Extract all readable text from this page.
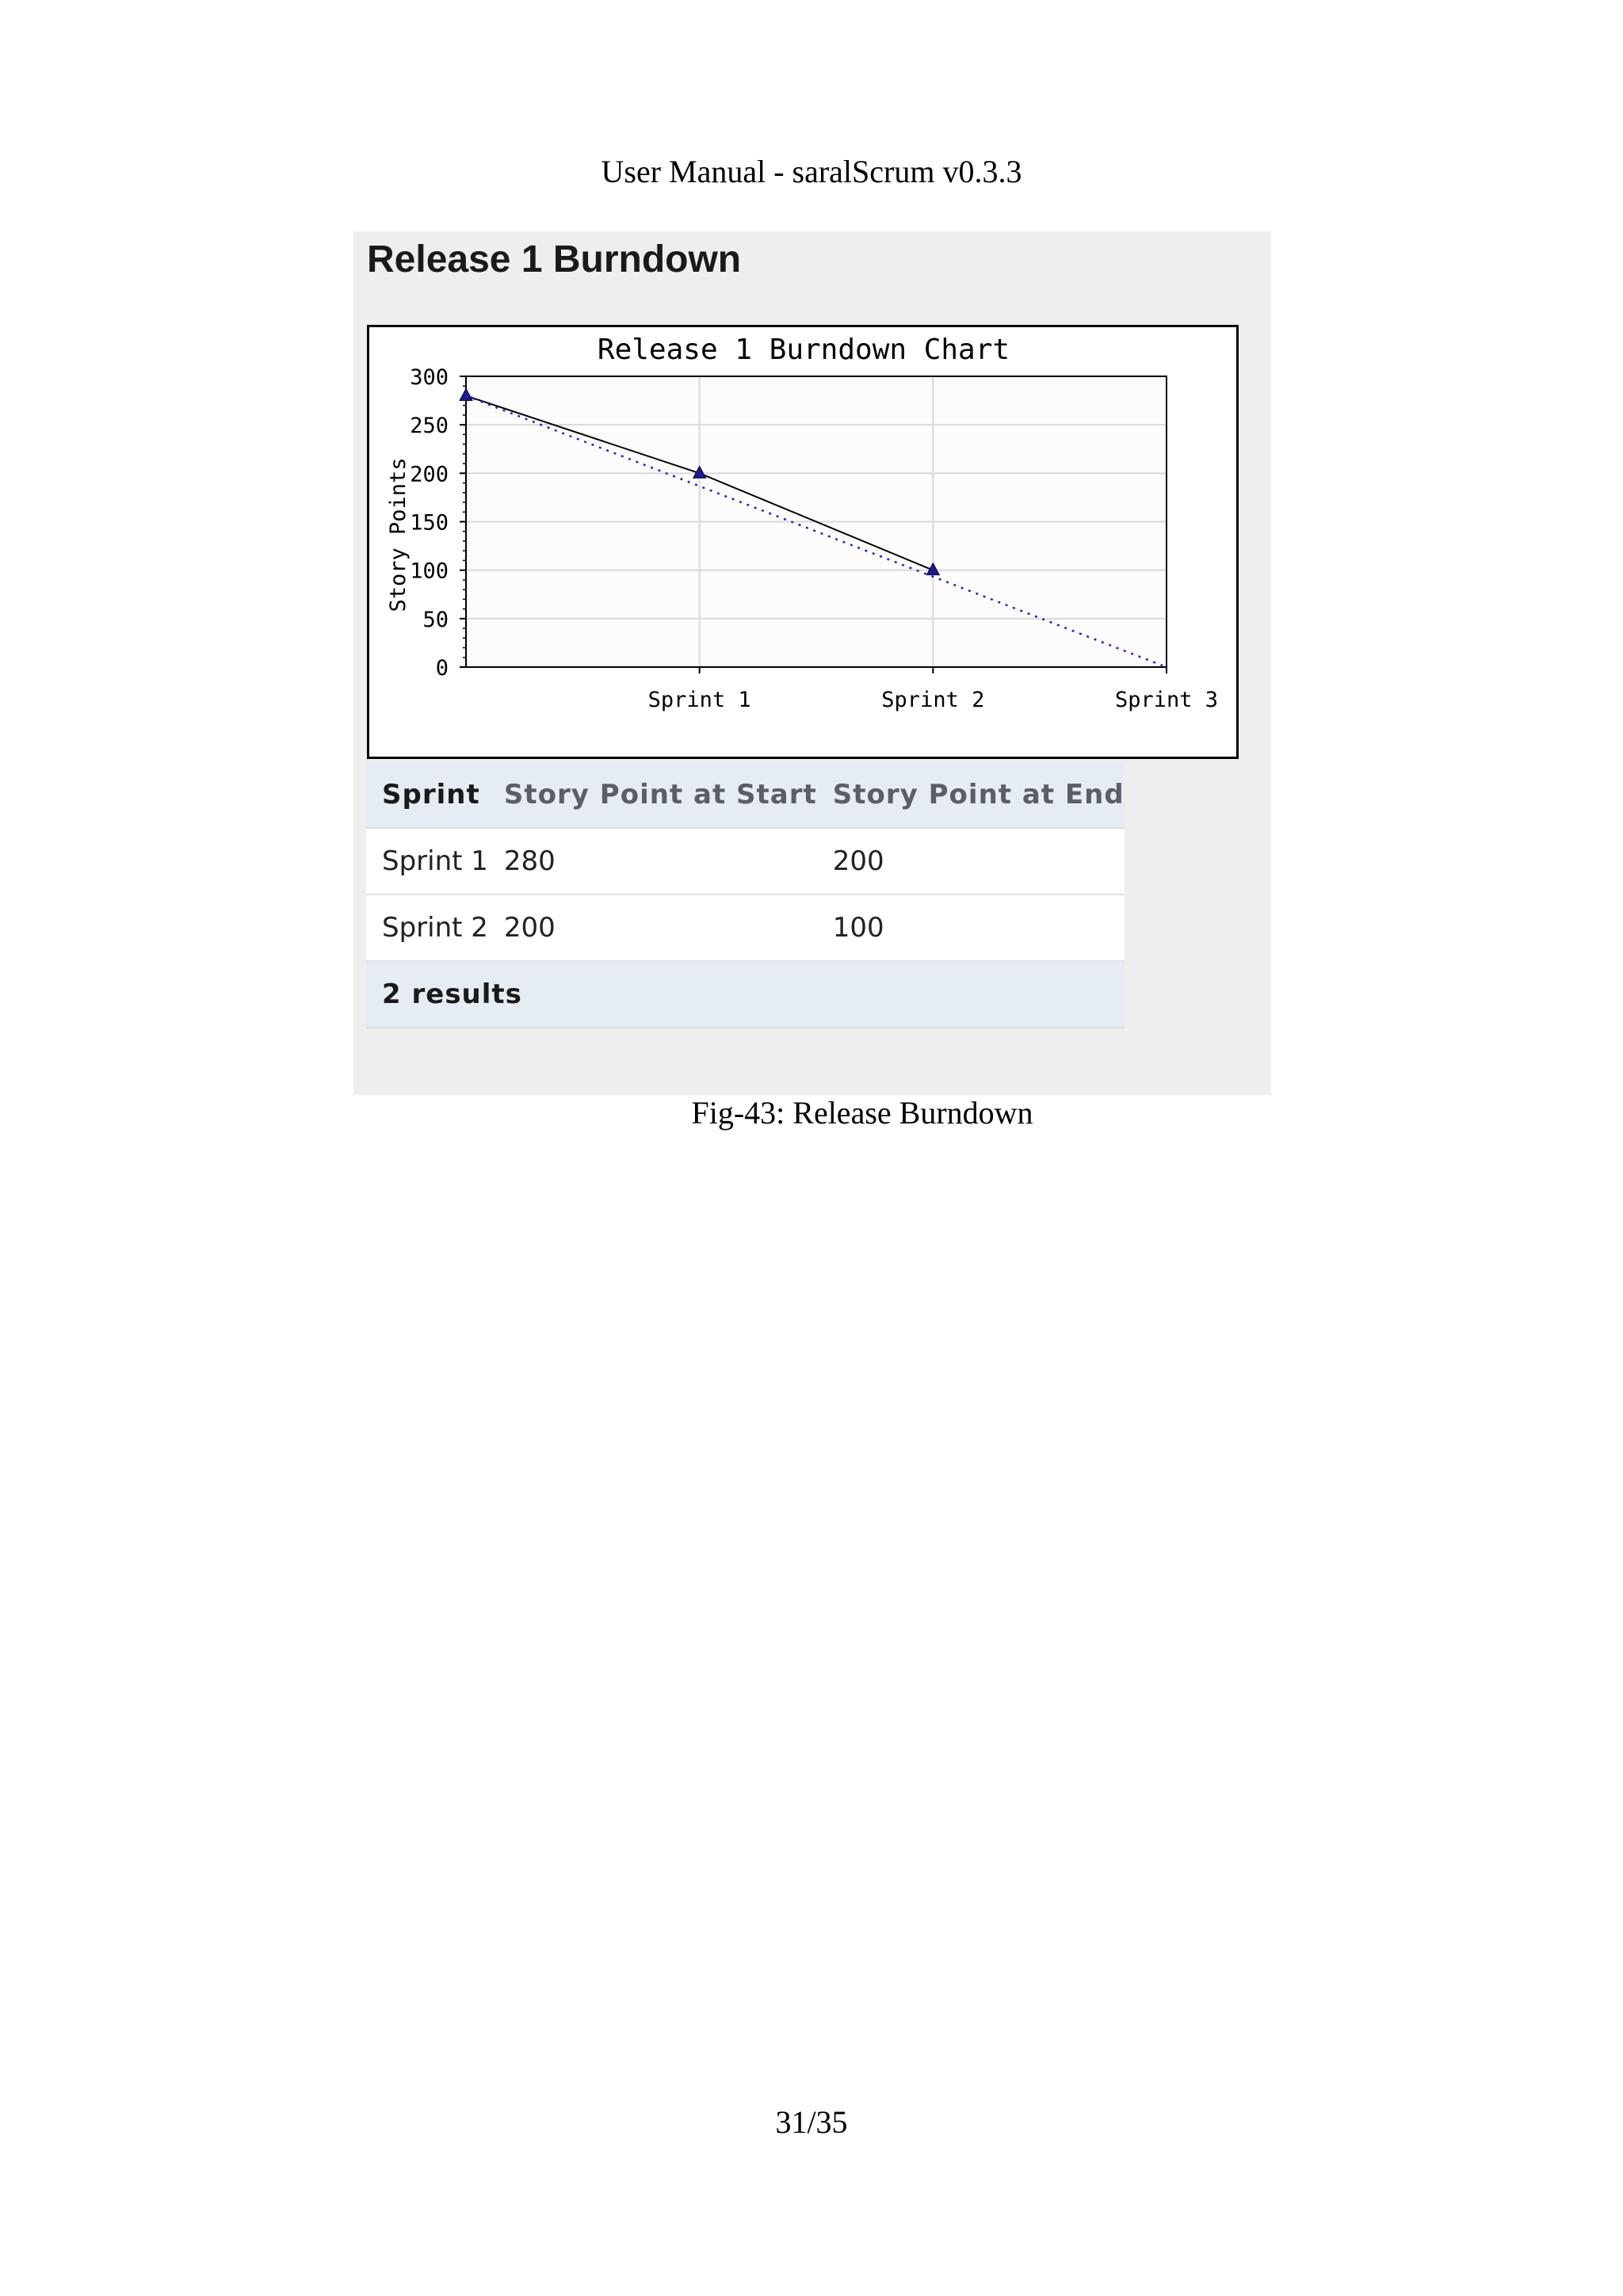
User Manual - saralScrum v0.3.3
Release 1 Burndown
Release 1 Burndown Chart
Story Points
0
50
100
150
200
250
300
Sprint 1	Sprint 2	Sprint 3
Sprint	Story Point at Start	Story Point at End
Sprint 1	280	200
Sprint 2	200	100
2 results		
Fig-43: Release Burndown
31/35
